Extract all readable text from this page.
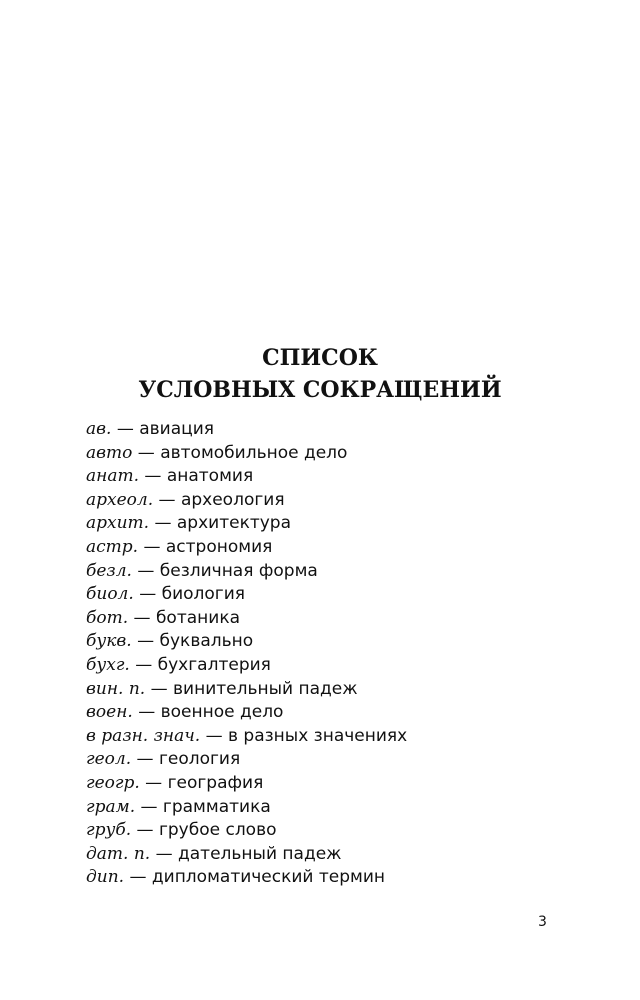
СПИСОК
УСЛОВНЫХ СОКРАЩЕНИЙ
ав. — авиация
авто — автомобильное дело
анат. — анатомия
археол. — археология
архит. — архитектура
астр. — астрономия
безл. — безличная форма
биол. — биология
бот. — ботаника
букв. — буквально
бухг. — бухгалтерия
вин. п. — винительный падеж
воен. — военное дело
в разн. знач. — в разных значениях
геол. — геология
геогр. — география
грам. — грамматика
груб. — грубое слово
дат. п. — дательный падеж
дип. — дипломатический термин
3
